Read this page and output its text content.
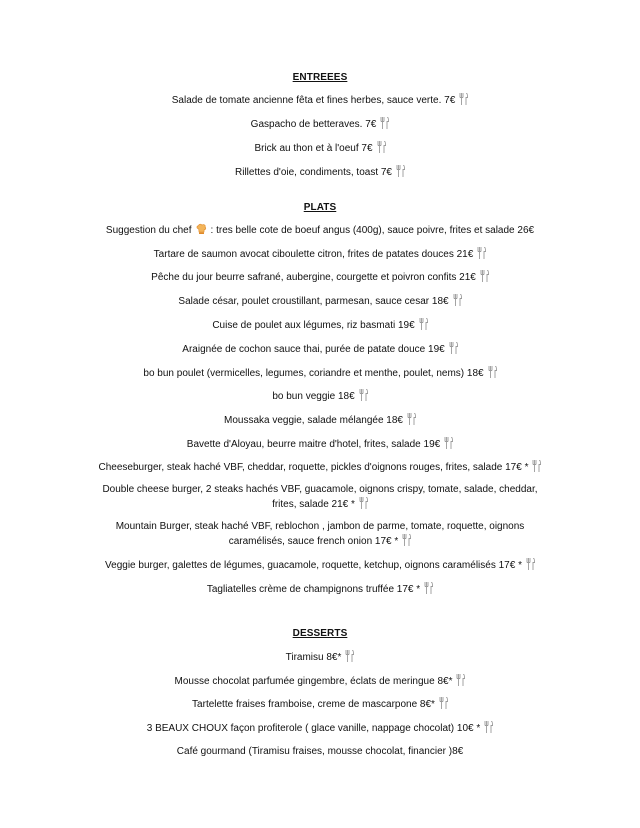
ENTREEES
Salade de tomate ancienne fêta et fines herbes, sauce verte. 7€
Gaspacho de betteraves. 7€
Brick au thon et à l'oeuf 7€
Rillettes d'oie, condiments, toast 7€
PLATS
Suggestion du chef : tres belle cote de boeuf angus (400g), sauce poivre, frites et salade 26€
Tartare de saumon avocat ciboulette citron, frites de patates douces 21€
Pêche du jour beurre safrané, aubergine, courgette et poivron confits 21€
Salade césar, poulet croustillant, parmesan, sauce cesar 18€
Cuise de poulet aux légumes, riz basmati 19€
Araignée de cochon sauce thai, purée de patate douce 19€
bo bun poulet (vermicelles, legumes, coriandre et menthe, poulet, nems) 18€
bo bun veggie 18€
Moussaka veggie, salade mélangée 18€
Bavette d'Aloyau, beurre maitre d'hotel, frites, salade 19€
Cheeseburger, steak haché VBF, cheddar, roquette, pickles d'oignons rouges, frites, salade 17€ *
Double cheese burger, 2 steaks hachés VBF, guacamole, oignons crispy, tomate, salade, cheddar, frites, salade 21€ *
Mountain Burger, steak haché VBF, reblochon , jambon de parme, tomate, roquette, oignons caramélisés, sauce french onion 17€ *
Veggie burger, galettes de légumes, guacamole, roquette, ketchup, oignons caramélisés 17€ *
Tagliatelles crème de champignons truffée 17€ *
DESSERTS
Tiramisu 8€*
Mousse chocolat parfumée gingembre, éclats de meringue 8€*
Tartelette fraises framboise, creme de mascarpone 8€*
3 BEAUX CHOUX façon profiterole ( glace vanille, nappage chocolat) 10€ *
Café gourmand (Tiramisu fraises, mousse chocolat, financier )8€
